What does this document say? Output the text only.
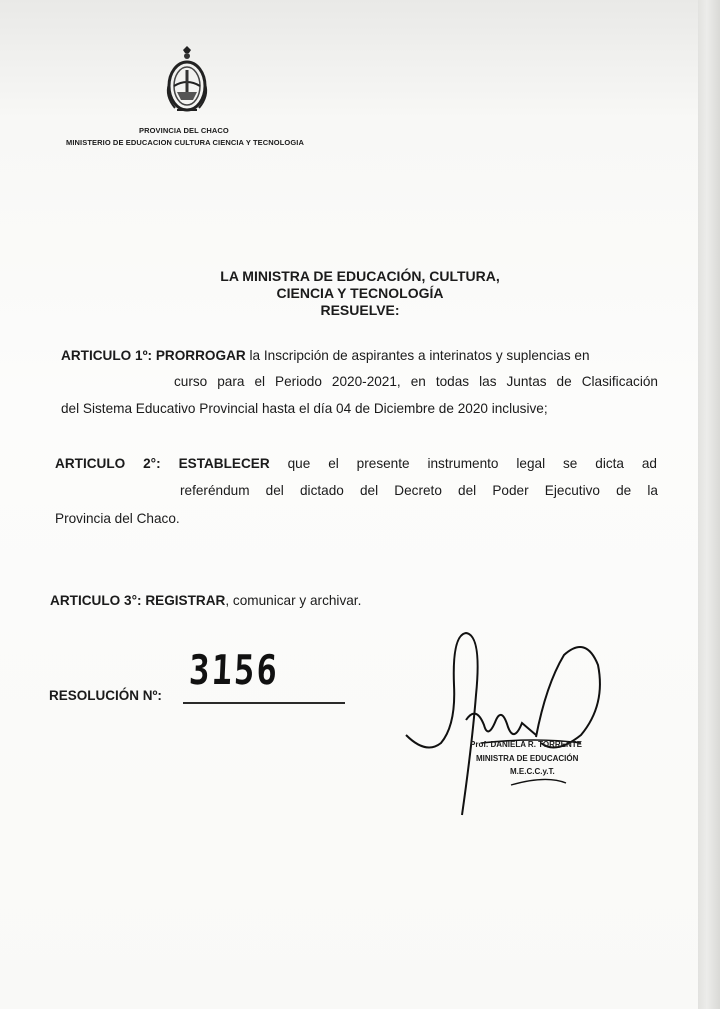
PROVINCIA DEL CHACO
MINISTERIO DE EDUCACION CULTURA CIENCIA Y TECNOLOGIA
LA MINISTRA DE EDUCACIÓN, CULTURA,
CIENCIA Y TECNOLOGÍA
RESUELVE:
ARTICULO 1º: PRORROGAR la Inscripción de aspirantes a interinatos y suplencias en
curso para el Periodo 2020-2021, en todas las Juntas de Clasificación
del Sistema Educativo Provincial hasta el día 04 de Diciembre de 2020 inclusive;
ARTICULO 2°: ESTABLECER que el presente instrumento legal se dicta ad
referéndum del dictado del Decreto del Poder Ejecutivo de la
Provincia del Chaco.
ARTICULO 3°: REGISTRAR, comunicar y archivar.
RESOLUCIÓN Nº:
3156
Prof. DANIELA R. TORRENTE
MINISTRA DE EDUCACIÓN
M.E.C.C.y.T.
